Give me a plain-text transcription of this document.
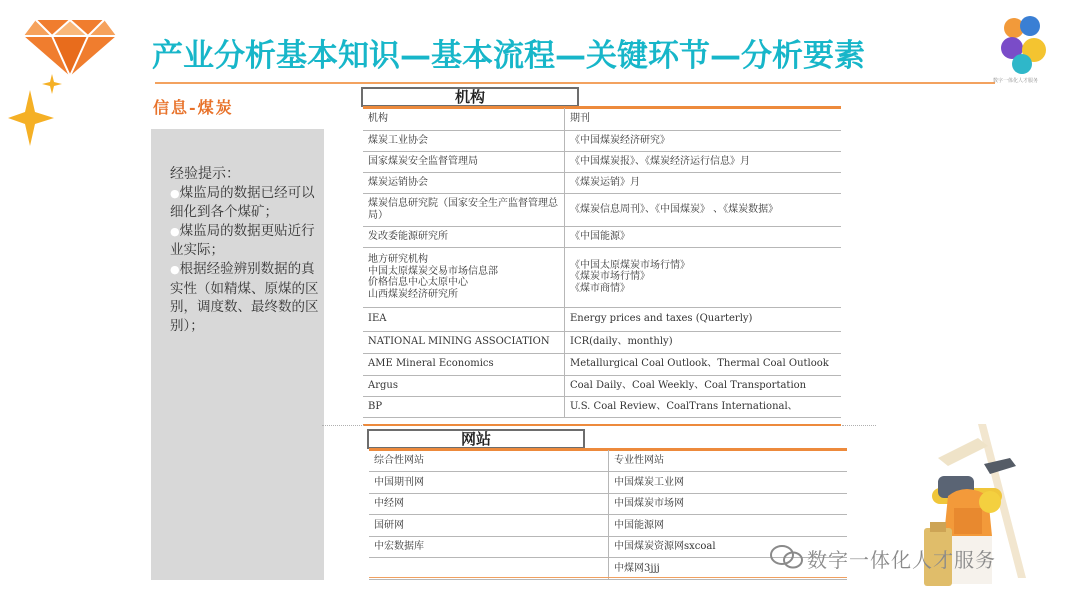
产业分析基本知识—基本流程—关键环节—分析要素
数字一体化人才服务
信息-煤炭
经验提示：
●煤监局的数据已经可以细化到各个煤矿；
●煤监局的数据更贴近行业实际；
●根据经验辨别数据的真实性（如精煤、原煤的区别，调度数、最终数的区别）；
机构
机构	期刊
煤炭工业协会	《中国煤炭经济研究》
国家煤炭安全监督管理局	《中国煤炭报》、《煤炭经济运行信息》月
煤炭运销协会	《煤炭运销》月
煤炭信息研究院（国家安全生产监督管理总局）	《煤炭信息周刊》、《中国煤炭》 、《煤炭数据》
发改委能源研究所	《中国能源》
地方研究机构
中国太原煤炭交易市场信息部
价格信息中心太原中心
山西煤炭经济研究所	《中国太原煤炭市场行情》
《煤炭市场行情》
《煤市商情》
IEA	Energy prices and taxes (Quarterly)
NATIONAL MINING ASSOCIATION	ICR(daily、monthly)
AME Mineral Economics	Metallurgical Coal Outlook、Thermal Coal Outlook
Argus	Coal Daily、Coal Weekly、Coal Transportation
BP	U.S. Coal Review、CoalTrans International、
网站
综合性网站	专业性网站
中国期刊网	中国煤炭工业网
中经网	中国煤炭市场网
国研网	中国能源网
中宏数据库	中国煤炭资源网sxcoal
	中煤网3jjj	数字一体化人才服务
